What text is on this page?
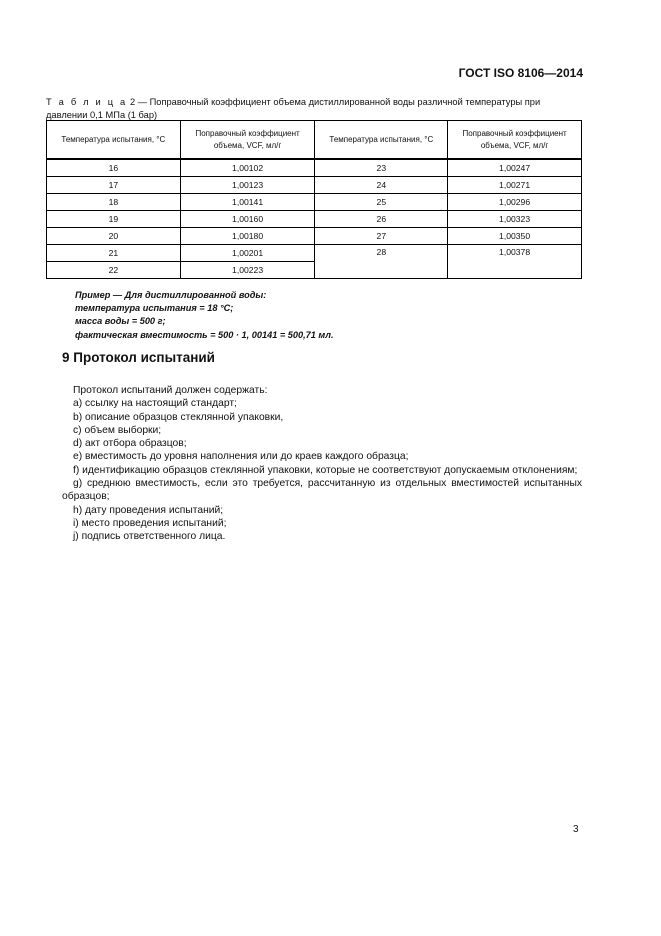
ГОСТ ISO 8106—2014
Т а б л и ц а 2 — Поправочный коэффициент объема дистиллированной воды различной температуры при давлении 0,1 МПа (1 бар)
Температура испытания, °С	Поправочный коэффициент объема, VCF, мл/г	Температура испытания, °С	Поправочный коэффициент объема, VCF, мл/г
16	1,00102	23	1,00247
17	1,00123	24	1,00271
18	1,00141	25	1,00296
19	1,00160	26	1,00323
20	1,00180	27	1,00350
21	1,00201	28	1,00378
22	1,00223		
Пример — Для дистиллированной воды:
температура испытания = 18 °С;
масса воды = 500 г;
фактическая вместимость = 500 · 1, 00141 = 500,71 мл.
9 Протокол испытаний

Протокол испытаний должен содержать:

a) ссылку на настоящий стандарт;

b) описание образцов стеклянной упаковки,

c) объем выборки;

d) акт отбора образцов;

e) вместимость до уровня наполнения или до краев каждого образца;

f) идентификацию образцов стеклянной упаковки, которые не соответствуют допускаемым отклонениям;

g) среднюю вместимость, если это требуется, рассчитанную из отдельных вместимостей испытанных образцов;

h) дату проведения испытаний;

i) место проведения испытаний;

j) подпись ответственного лица.

3
